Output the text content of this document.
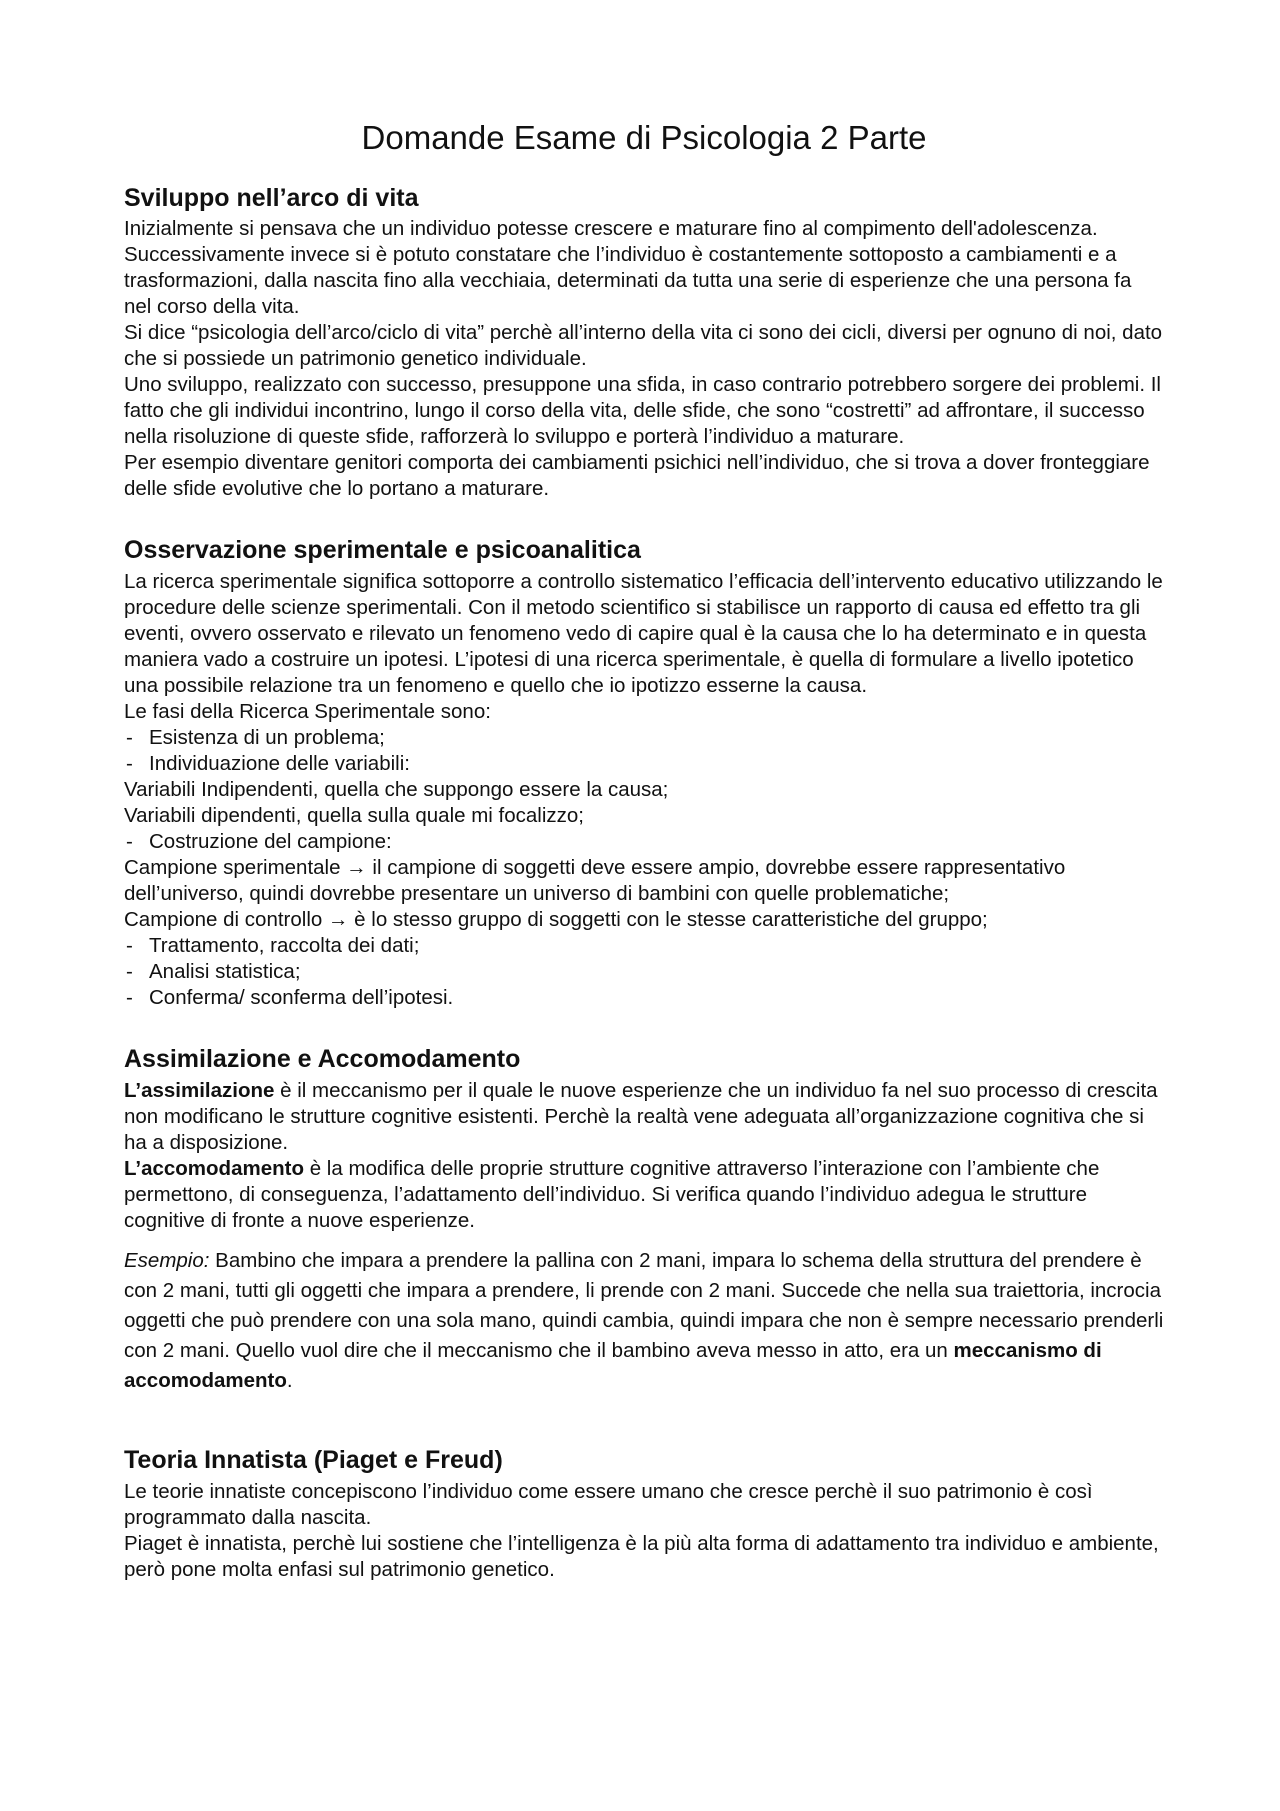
Domande Esame di Psicologia 2 Parte
Sviluppo nell’arco di vita

Inizialmente si pensava che un individuo potesse crescere e maturare fino al compimento dell'adolescenza. Successivamente invece si è potuto constatare che l’individuo è costantemente sottoposto a cambiamenti e a trasformazioni, dalla nascita fino alla vecchiaia, determinati da tutta una serie di esperienze che una persona fa nel corso della vita.

Si dice “psicologia dell’arco/ciclo di vita” perchè all’interno della vita ci sono dei cicli, diversi per ognuno di noi, dato che si possiede un patrimonio genetico individuale.

Uno sviluppo, realizzato con successo, presuppone una sfida, in caso contrario potrebbero sorgere dei problemi. Il fatto che gli individui incontrino, lungo il corso della vita, delle sfide, che sono “costretti” ad affrontare, il successo nella risoluzione di queste sfide, rafforzerà lo sviluppo e porterà l’individuo a maturare.

Per esempio diventare genitori comporta dei cambiamenti psichici nell’individuo, che si trova a dover fronteggiare delle sfide evolutive che lo portano a maturare.

Osservazione sperimentale e psicoanalitica

La ricerca sperimentale significa sottoporre a controllo sistematico l’efficacia dell’intervento educativo utilizzando le procedure delle scienze sperimentali. Con il metodo scientifico si stabilisce un rapporto di causa ed effetto tra gli eventi, ovvero osservato e rilevato un fenomeno vedo di capire qual è la causa che lo ha determinato e in questa maniera vado a costruire un ipotesi. L’ipotesi di una ricerca sperimentale, è quella di formulare a livello ipotetico una possibile relazione tra un fenomeno e quello che io ipotizzo esserne la causa.

Le fasi della Ricerca Sperimentale sono:

- Esistenza di un problema;

- Individuazione delle variabili:

Variabili Indipendenti, quella che suppongo essere la causa;

Variabili dipendenti, quella sulla quale mi focalizzo;

- Costruzione del campione:

Campione sperimentale → il campione di soggetti deve essere ampio, dovrebbe essere rappresentativo dell’universo, quindi dovrebbe presentare un universo di bambini con quelle problematiche;

Campione di controllo → è lo stesso gruppo di soggetti con le stesse caratteristiche del gruppo;

- Trattamento, raccolta dei dati;

- Analisi statistica;

- Conferma/ sconferma dell’ipotesi.

Assimilazione e Accomodamento

L’assimilazione è il meccanismo per il quale le nuove esperienze che un individuo fa nel suo processo di crescita non modificano le strutture cognitive esistenti. Perchè la realtà vene adeguata all’organizzazione cognitiva che si ha a disposizione.

L’accomodamento è la modifica delle proprie strutture cognitive attraverso l’interazione con l’ambiente che permettono, di conseguenza, l’adattamento dell’individuo. Si verifica quando l’individuo adegua le strutture cognitive di fronte a nuove esperienze.

Esempio: Bambino che impara a prendere la pallina con 2 mani, impara lo schema della struttura del prendere è con 2 mani, tutti gli oggetti che impara a prendere, li prende con 2 mani. Succede che nella sua traiettoria, incrocia oggetti che può prendere con una sola mano, quindi cambia, quindi impara che non è sempre necessario prenderli con 2 mani. Quello vuol dire che il meccanismo che il bambino aveva messo in atto, era un meccanismo di accomodamento.

Teoria Innatista (Piaget e Freud)

Le teorie innatiste concepiscono l’individuo come essere umano che cresce perchè il suo patrimonio è così programmato dalla nascita.

Piaget è innatista, perchè lui sostiene che l’intelligenza è la più alta forma di adattamento tra individuo e ambiente, però pone molta enfasi sul patrimonio genetico.
